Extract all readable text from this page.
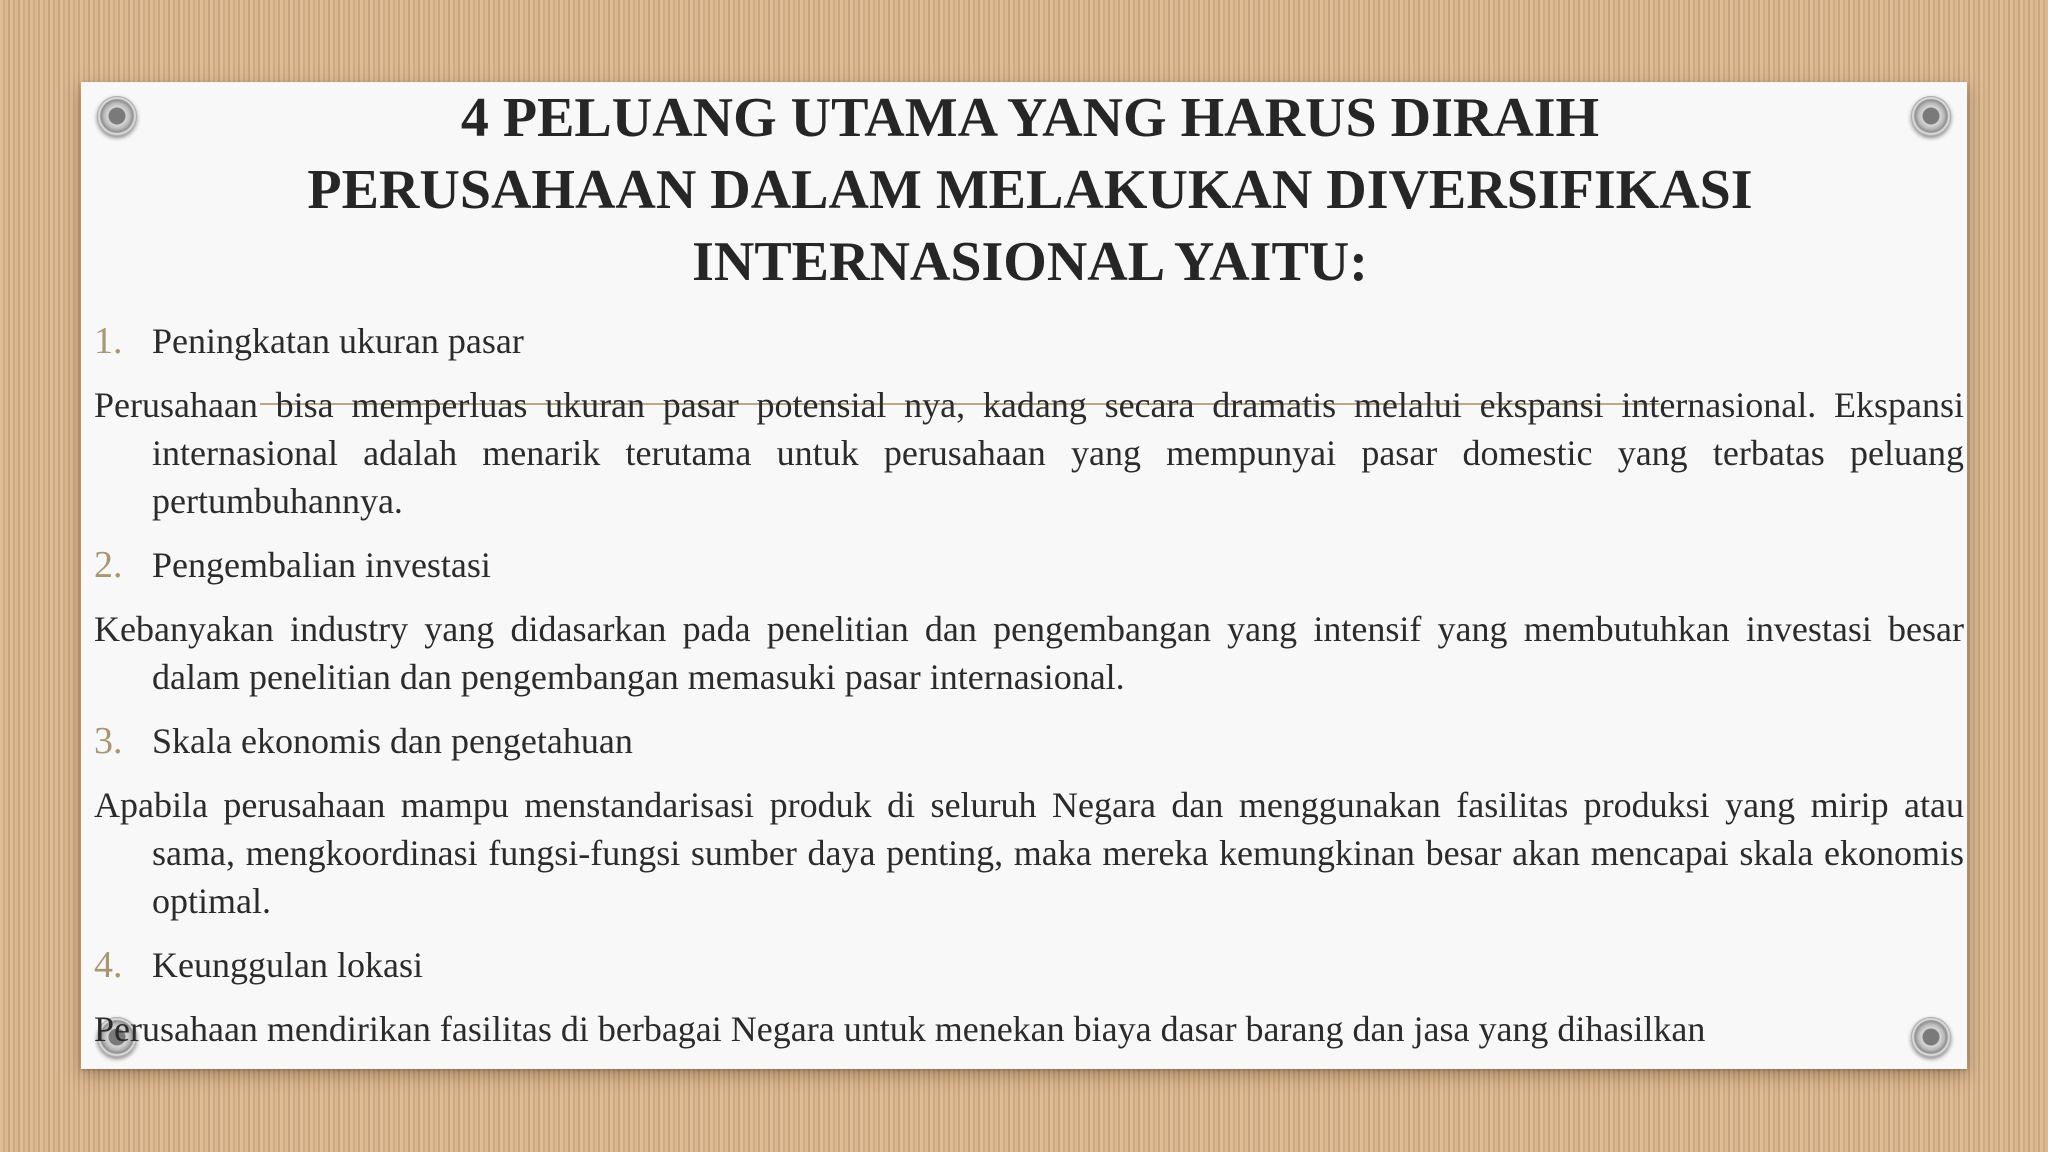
4 PELUANG UTAMA YANG HARUS DIRAIH
PERUSAHAAN DALAM MELAKUKAN DIVERSIFIKASI
INTERNASIONAL YAITU:
1. Peningkatan ukuran pasar

Perusahaan bisa memperluas ukuran pasar potensial nya, kadang secara dramatis melalui ekspansi internasional. Ekspansi internasional adalah menarik terutama untuk perusahaan yang mempunyai pasar domestic yang terbatas peluang pertumbuhannya.

2. Pengembalian investasi

Kebanyakan industry yang didasarkan pada penelitian dan pengembangan yang intensif yang membutuhkan investasi besar dalam penelitian dan pengembangan memasuki pasar internasional.

3. Skala ekonomis dan pengetahuan

Apabila perusahaan mampu menstandarisasi produk di seluruh Negara dan menggunakan fasilitas produksi yang mirip atau sama, mengkoordinasi fungsi-fungsi sumber daya penting, maka mereka kemungkinan besar akan mencapai skala ekonomis optimal.

4. Keunggulan lokasi

Perusahaan mendirikan fasilitas di berbagai Negara untuk menekan biaya dasar barang dan jasa yang dihasilkan
